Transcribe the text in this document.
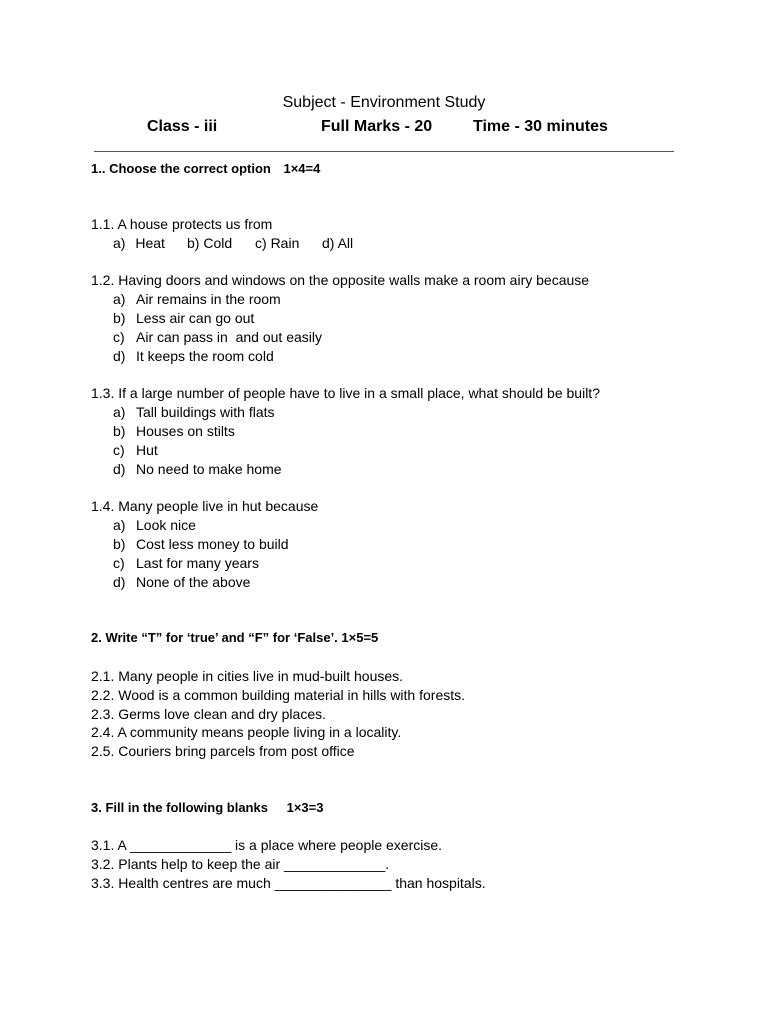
Subject - Environment Study
Class - iii	Full Marks - 20	Time - 30 minutes
1.. Choose the correct option 1×4=4
1.1. A house protects us from
a) Heat b) Cold c) Rain d) All
1.2. Having doors and windows on the opposite walls make a room airy because
a) Air remains in the room
b) Less air can go out
c) Air can pass in  and out easily
d) It keeps the room cold
1.3. If a large number of people have to live in a small place, what should be built?
a) Tall buildings with flats
b) Houses on stilts
c) Hut
d) No need to make home
1.4. Many people live in hut because
a) Look nice
b) Cost less money to build
c) Last for many years
d) None of the above
2. Write “T” for ‘true’ and “F” for ‘False’. 1×5=5
2.1. Many people in cities live in mud-built houses.
2.2. Wood is a common building material in hills with forests.
2.3. Germs love clean and dry places.
2.4. A community means people living in a locality.
2.5. Couriers bring parcels from post office
3. Fill in the following blanks 1×3=3
3.1. A _____________ is a place where people exercise.
3.2. Plants help to keep the air _____________.
3.3. Health centres are much _______________ than hospitals.
